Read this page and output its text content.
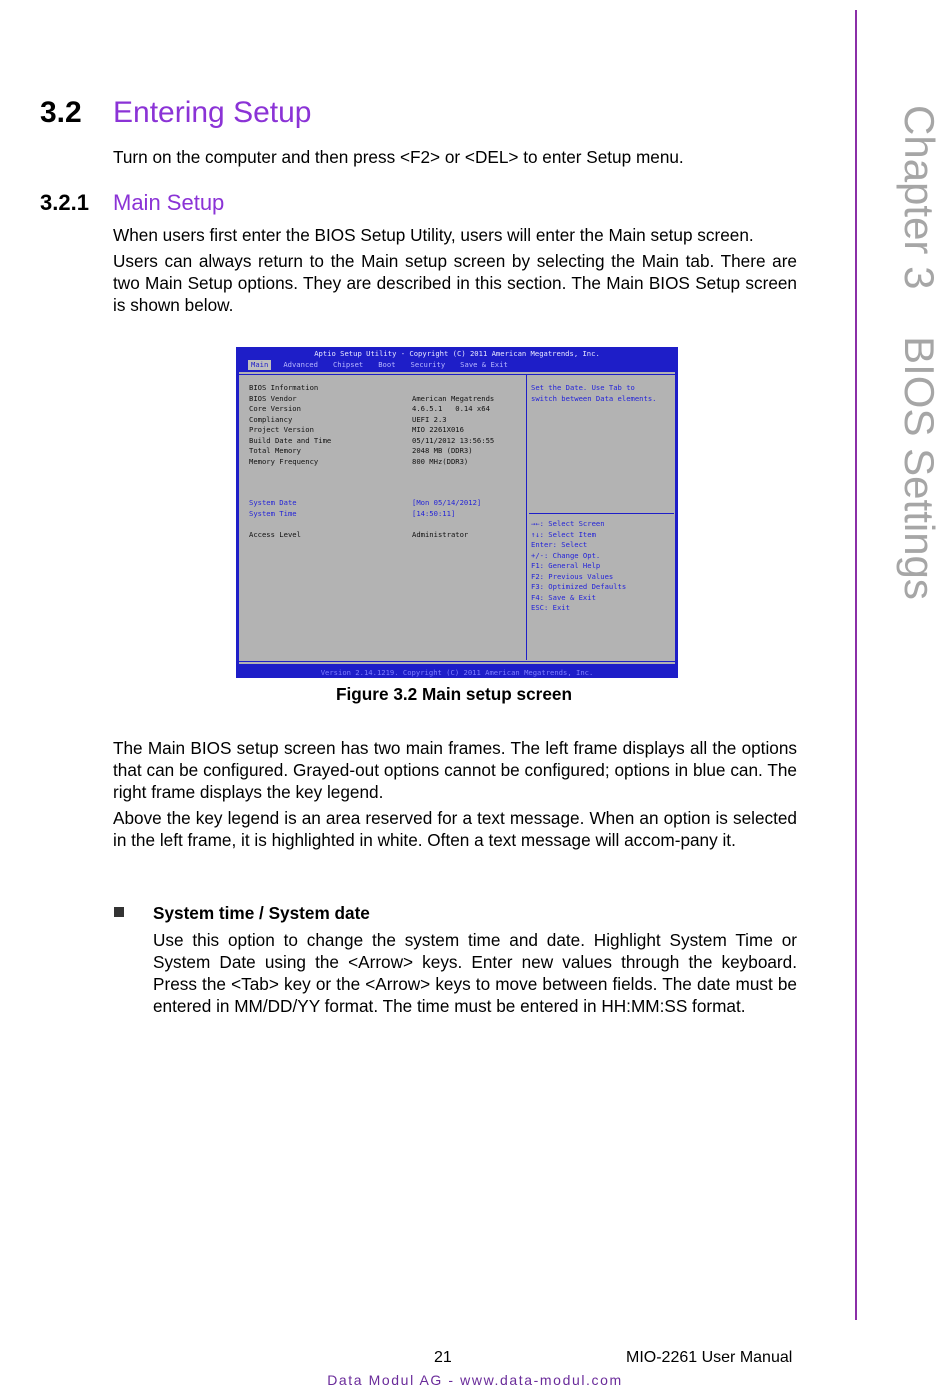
Chapter 3    BIOS Settings
3.2 Entering Setup

Turn on the computer and then press <F2> or <DEL> to enter Setup menu.

3.2.1 Main Setup

When users first enter the BIOS Setup Utility, users will enter the Main setup screen.

Users can always return to the Main setup screen by selecting the Main tab. There are two Main Setup options. They are described in this section. The Main BIOS Setup screen is shown below.

Aptio Setup Utility - Copyright (C) 2011 American Megatrends, Inc.
Main	Advanced	Chipset	Boot	Security	Save & Exit
BIOS Information
BIOS Vendor	American Megatrends
Core Version	4.6.5.1   0.14 x64
Compliancy	UEFI 2.3
Project Version	MIO 2261X016
Build Date and Time	05/11/2012 13:56:55
Total Memory	2048 MB (DDR3)
Memory Frequency	800 MHz(DDR3)
System Date	[Mon 05/14/2012]
System Time	[14:50:11]
Access Level	Administrator
Set the Date. Use Tab to
switch between Data elements.
→←: Select Screen
↑↓: Select Item
Enter: Select
+/-: Change Opt.
F1: General Help
F2: Previous Values
F3: Optimized Defaults
F4: Save & Exit
ESC: Exit
Version 2.14.1219. Copyright (C) 2011 American Megatrends, Inc.
Figure 3.2 Main setup screen

The Main BIOS setup screen has two main frames. The left frame displays all the options that can be configured. Grayed-out options cannot be configured; options in blue can. The right frame displays the key legend.

Above the key legend is an area reserved for a text message. When an option is selected in the left frame, it is highlighted in white. Often a text message will accom-pany it.

System time / System date

Use this option to change the system time and date. Highlight System Time or System Date using the <Arrow> keys. Enter new values through the keyboard. Press the <Tab> key or the <Arrow> keys to move between fields. The date must be entered in MM/DD/YY format. The time must be entered in HH:MM:SS format.

21	MIO-2261 User Manual
Data Modul AG - www.data-modul.com
